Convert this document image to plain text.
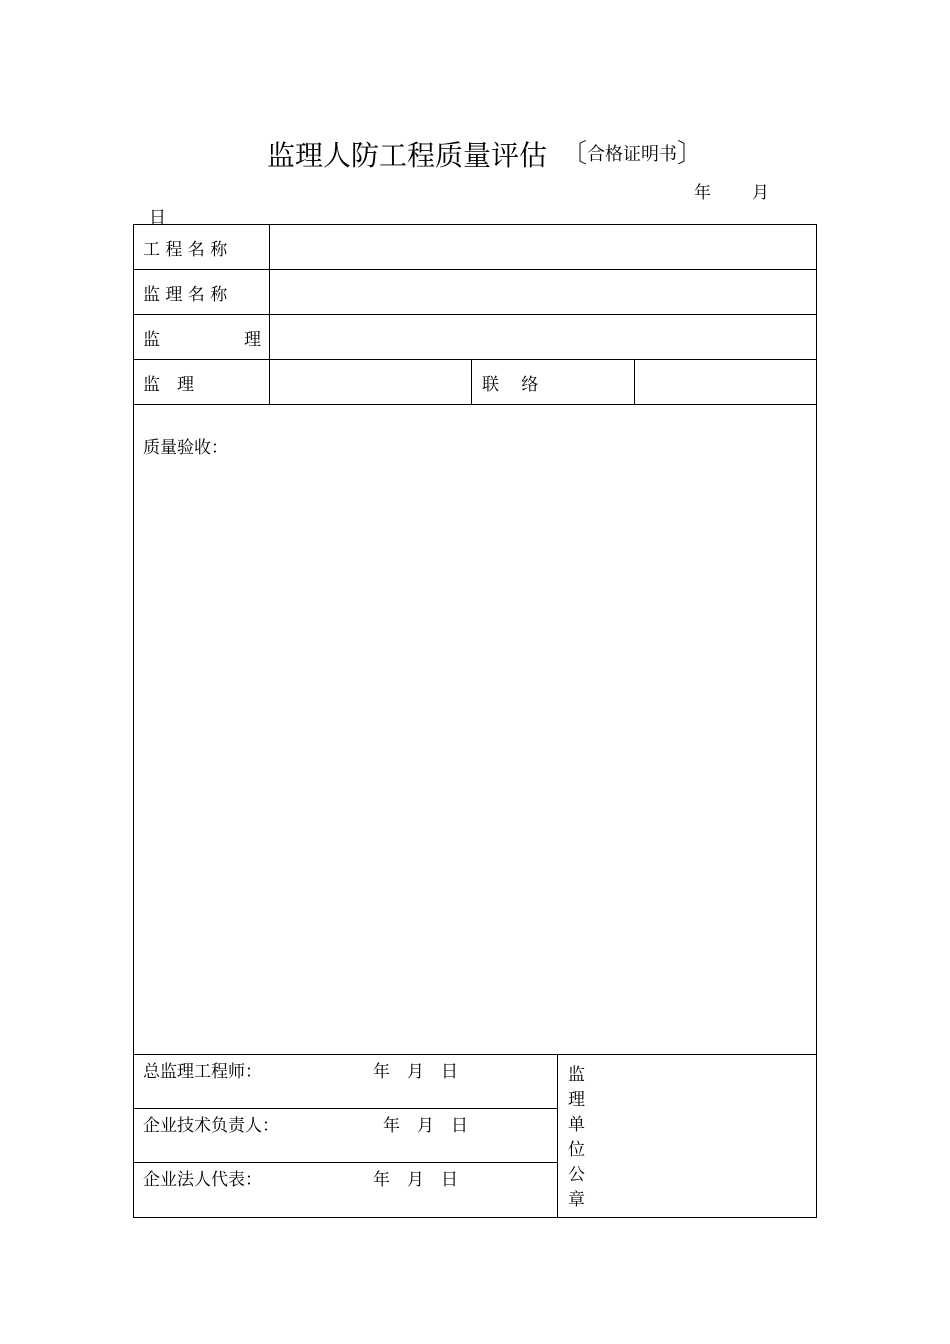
监理人防工程质量评估 〔合格证明书〕
年 月
日
工 程 名 称
监 理 名 称
监	理
监　理	联　 络
质量验收：
总监理工程师：	年　月　日
企业技术负责人：	年　月　日
企业法人代表：	年　月　日
监
理
单
位
公
章
